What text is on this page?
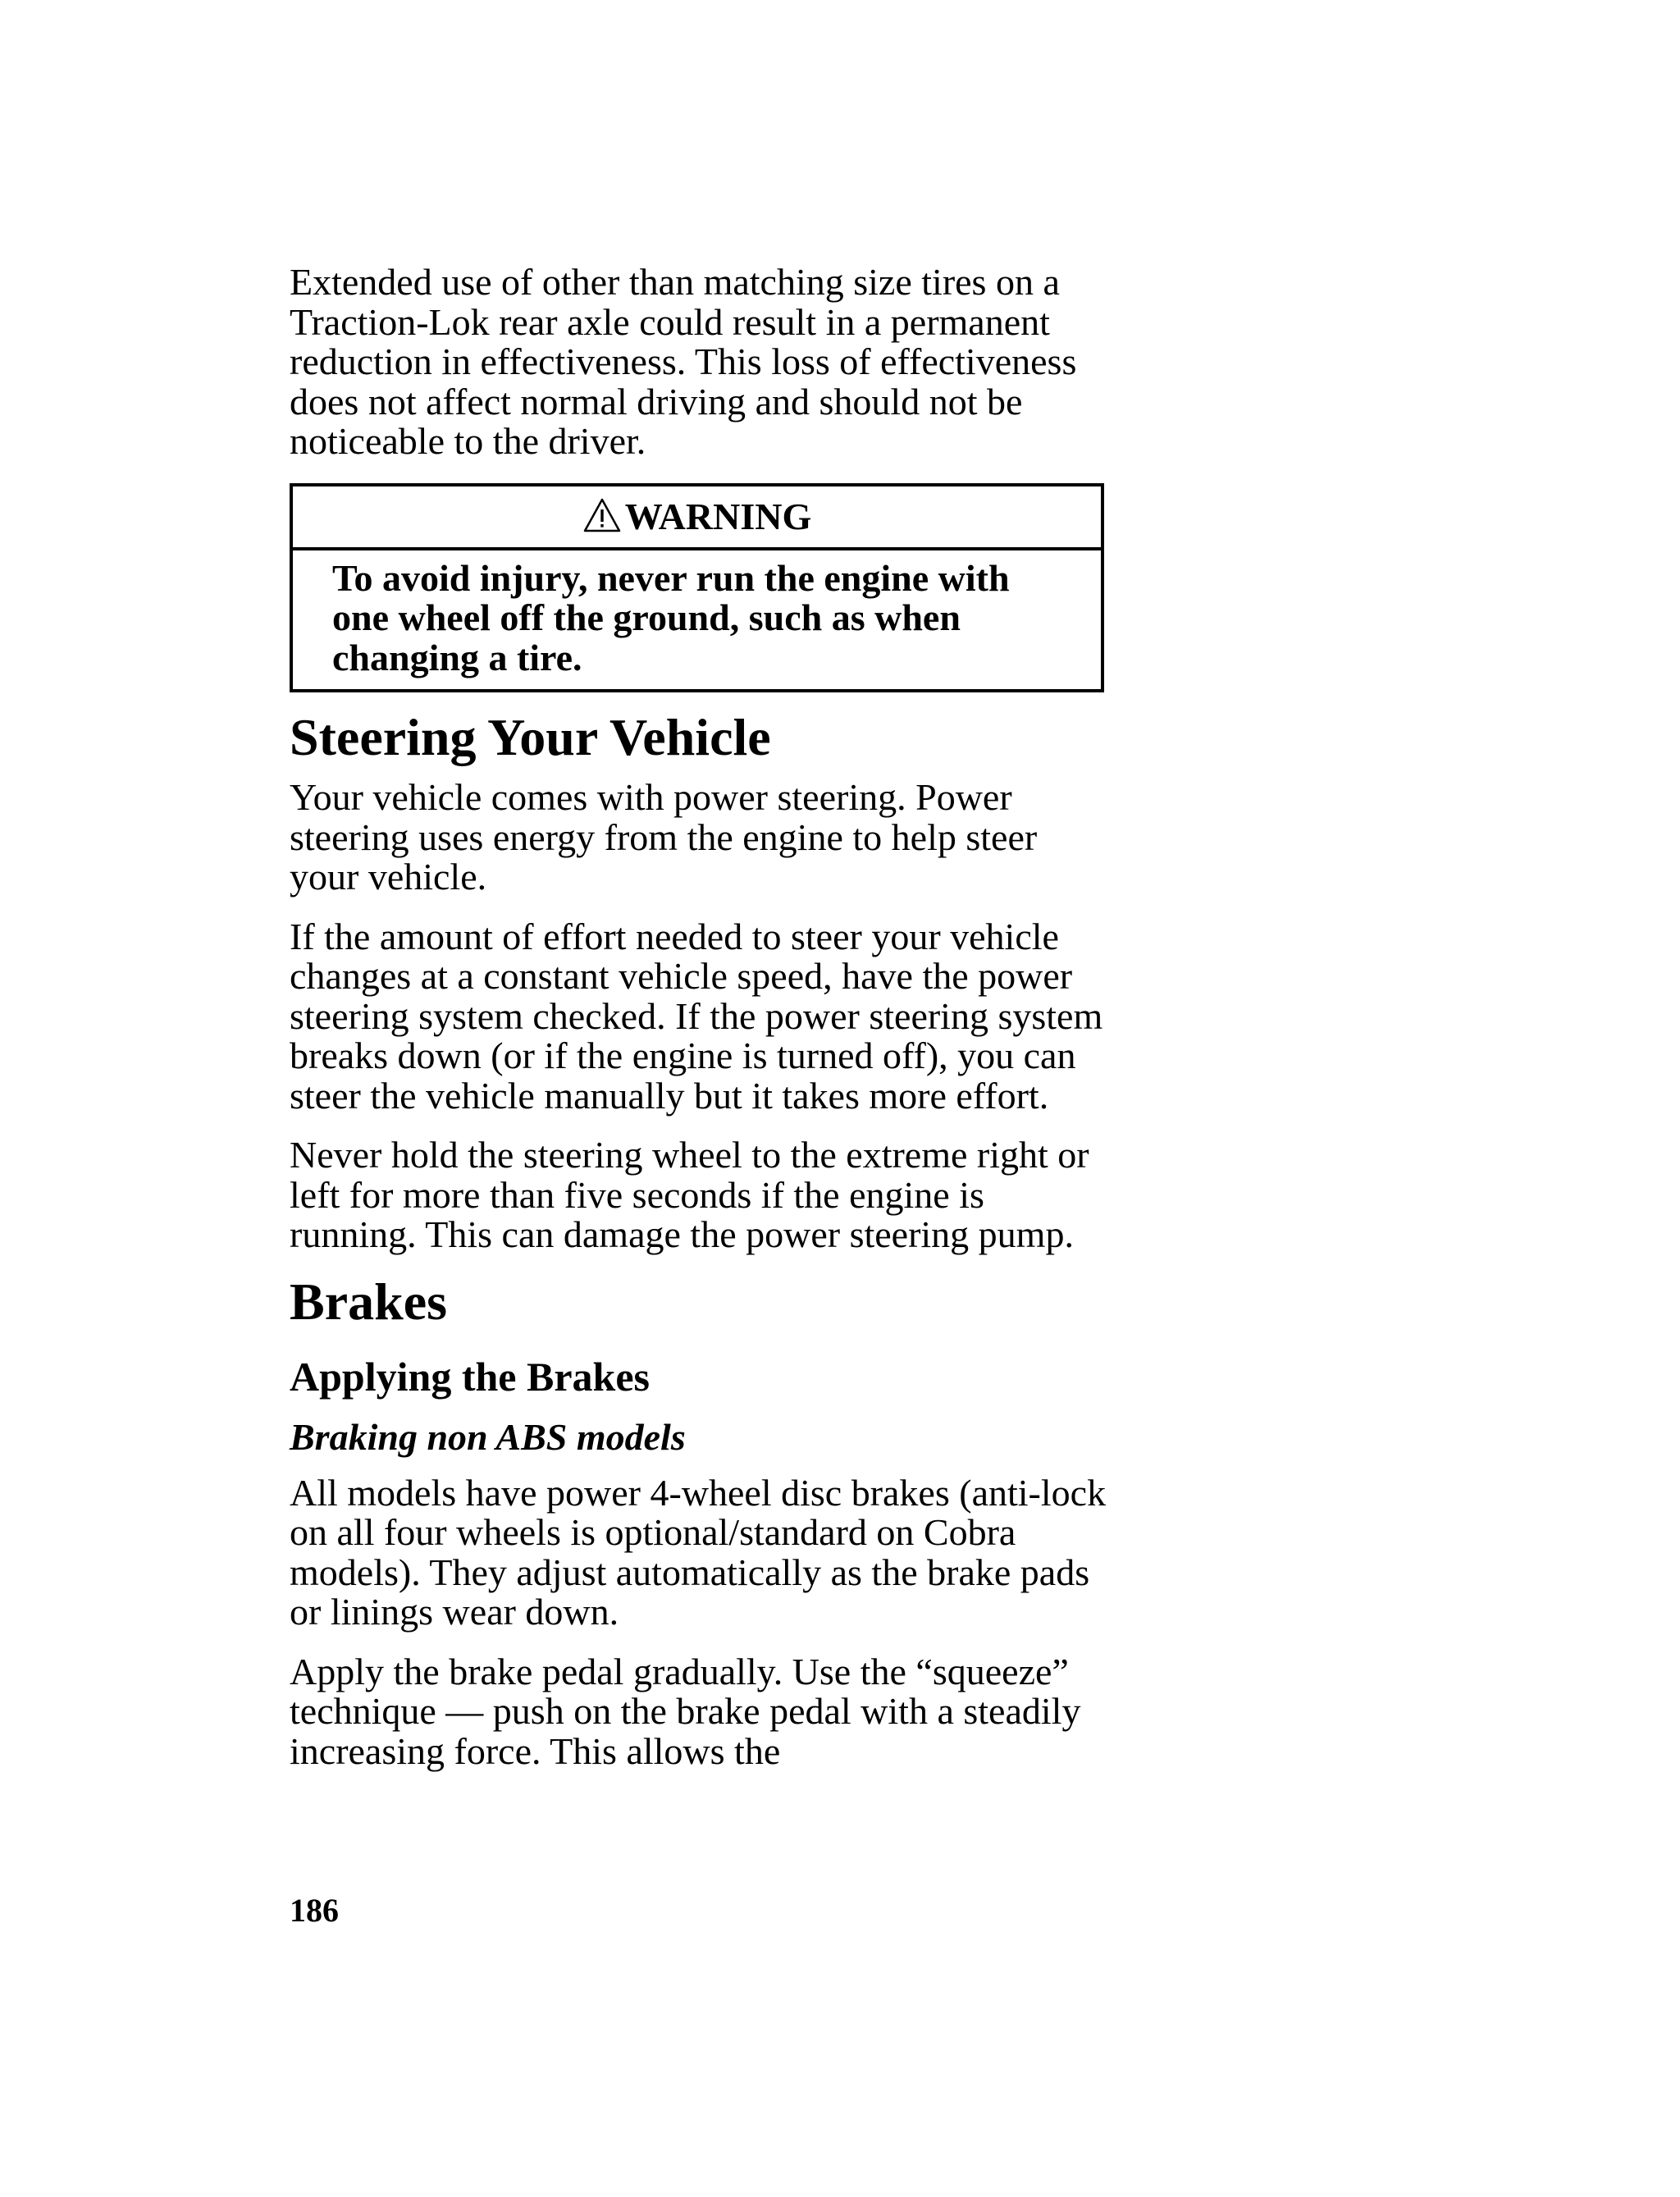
Extended use of other than matching size tires on a Traction-Lok rear axle could result in a permanent reduction in effectiveness. This loss of effectiveness does not affect normal driving and should not be noticeable to the driver.

WARNING
To avoid injury, never run the engine with one wheel off the ground, such as when changing a tire.
Steering Your Vehicle

Your vehicle comes with power steering. Power steering uses energy from the engine to help steer your vehicle.

If the amount of effort needed to steer your vehicle changes at a constant vehicle speed, have the power steering system checked. If the power steering system breaks down (or if the engine is turned off), you can steer the vehicle manually but it takes more effort.

Never hold the steering wheel to the extreme right or left for more than five seconds if the engine is running. This can damage the power steering pump.

Brakes
Applying the Brakes
Braking non ABS models

All models have power 4-wheel disc brakes (anti-lock on all four wheels is optional/standard on Cobra models). They adjust automatically as the brake pads or linings wear down.

Apply the brake pedal gradually. Use the “squeeze” technique — push on the brake pedal with a steadily increasing force. This allows the

186
